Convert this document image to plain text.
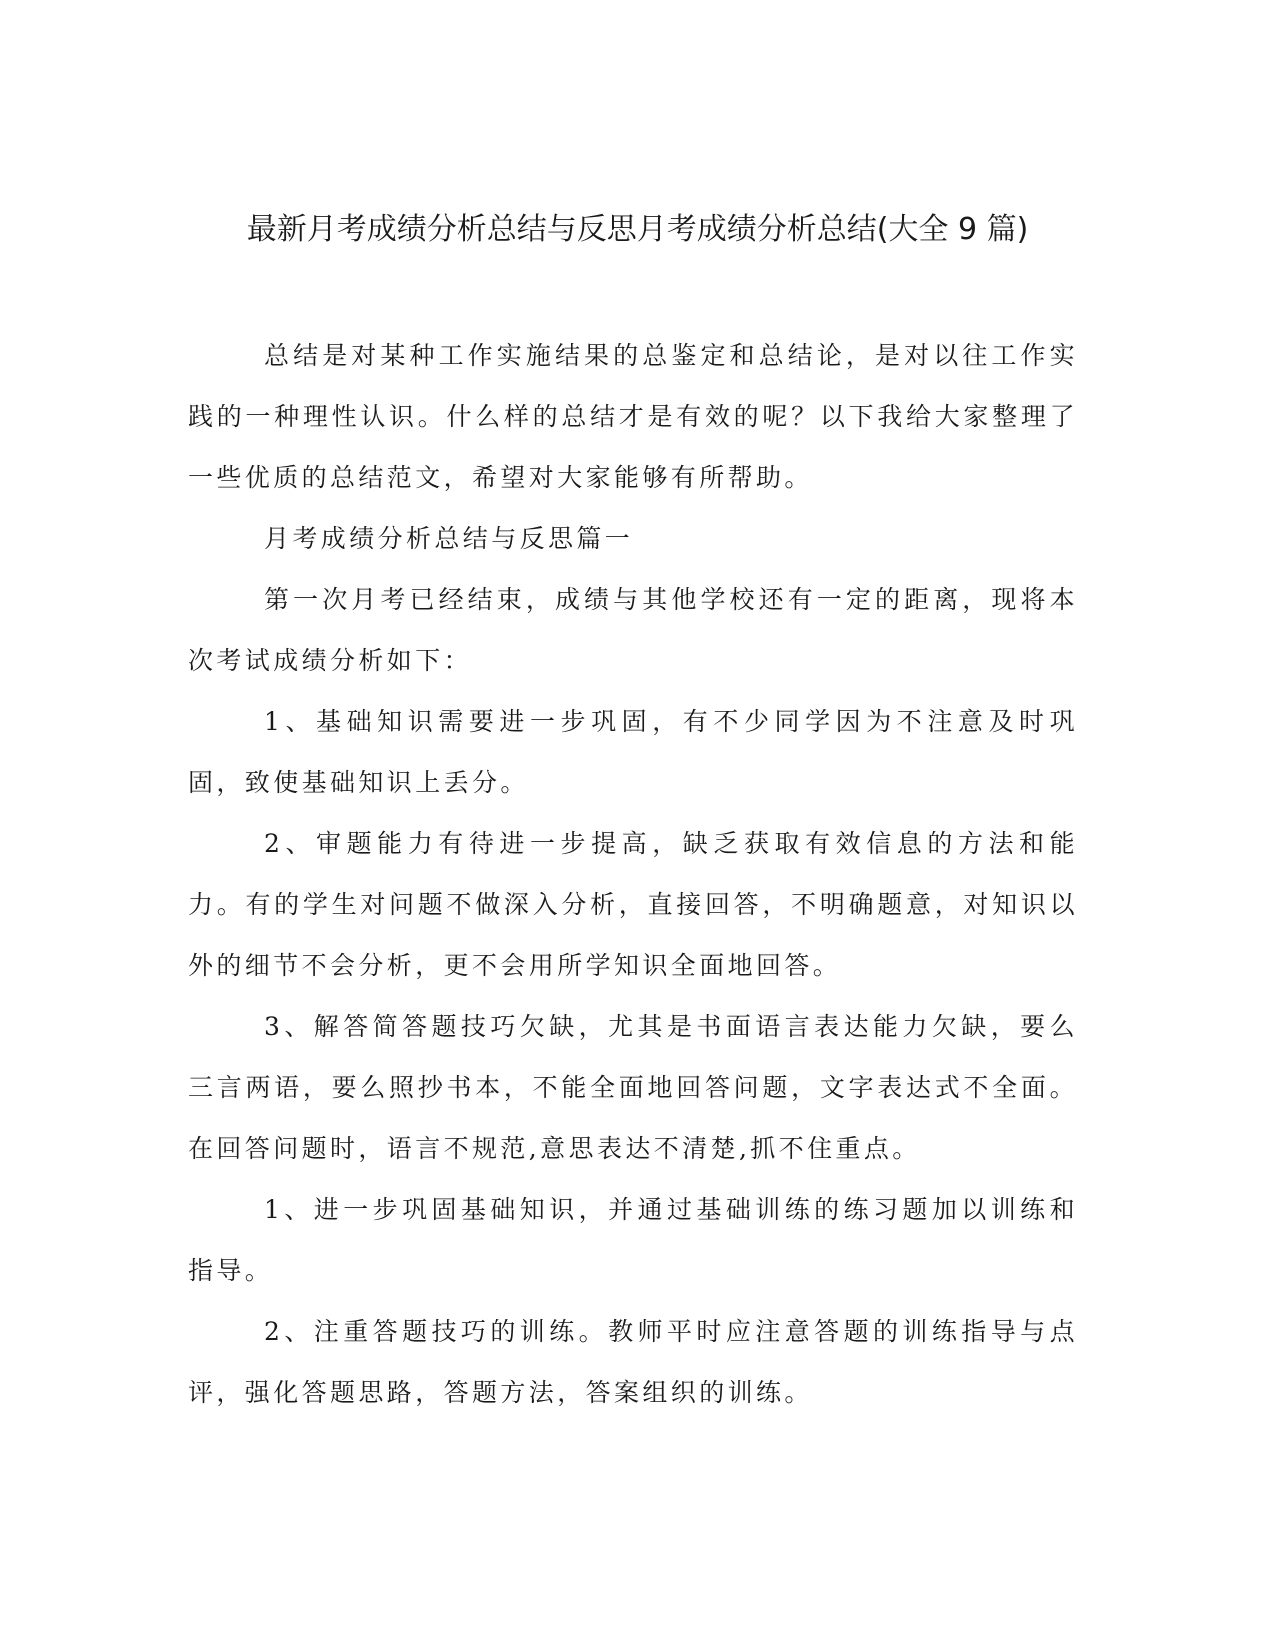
最新月考成绩分析总结与反思月考成绩分析总结(大全 9 篇)

总结是对某种工作实施结果的总鉴定和总结论，是对以往工作实践的一种理性认识。什么样的总结才是有效的呢？以下我给大家整理了一些优质的总结范文，希望对大家能够有所帮助。

月考成绩分析总结与反思篇一

第一次月考已经结束，成绩与其他学校还有一定的距离，现将本次考试成绩分析如下：

1、基础知识需要进一步巩固，有不少同学因为不注意及时巩固，致使基础知识上丢分。

2、审题能力有待进一步提高，缺乏获取有效信息的方法和能力。有的学生对问题不做深入分析，直接回答，不明确题意，对知识以外的细节不会分析，更不会用所学知识全面地回答。

3、解答简答题技巧欠缺，尤其是书面语言表达能力欠缺，要么三言两语，要么照抄书本，不能全面地回答问题，文字表达式不全面。在回答问题时，语言不规范,意思表达不清楚,抓不住重点。

1、进一步巩固基础知识，并通过基础训练的练习题加以训练和指导。

2、注重答题技巧的训练。教师平时应注意答题的训练指导与点评，强化答题思路，答题方法，答案组织的训练。
